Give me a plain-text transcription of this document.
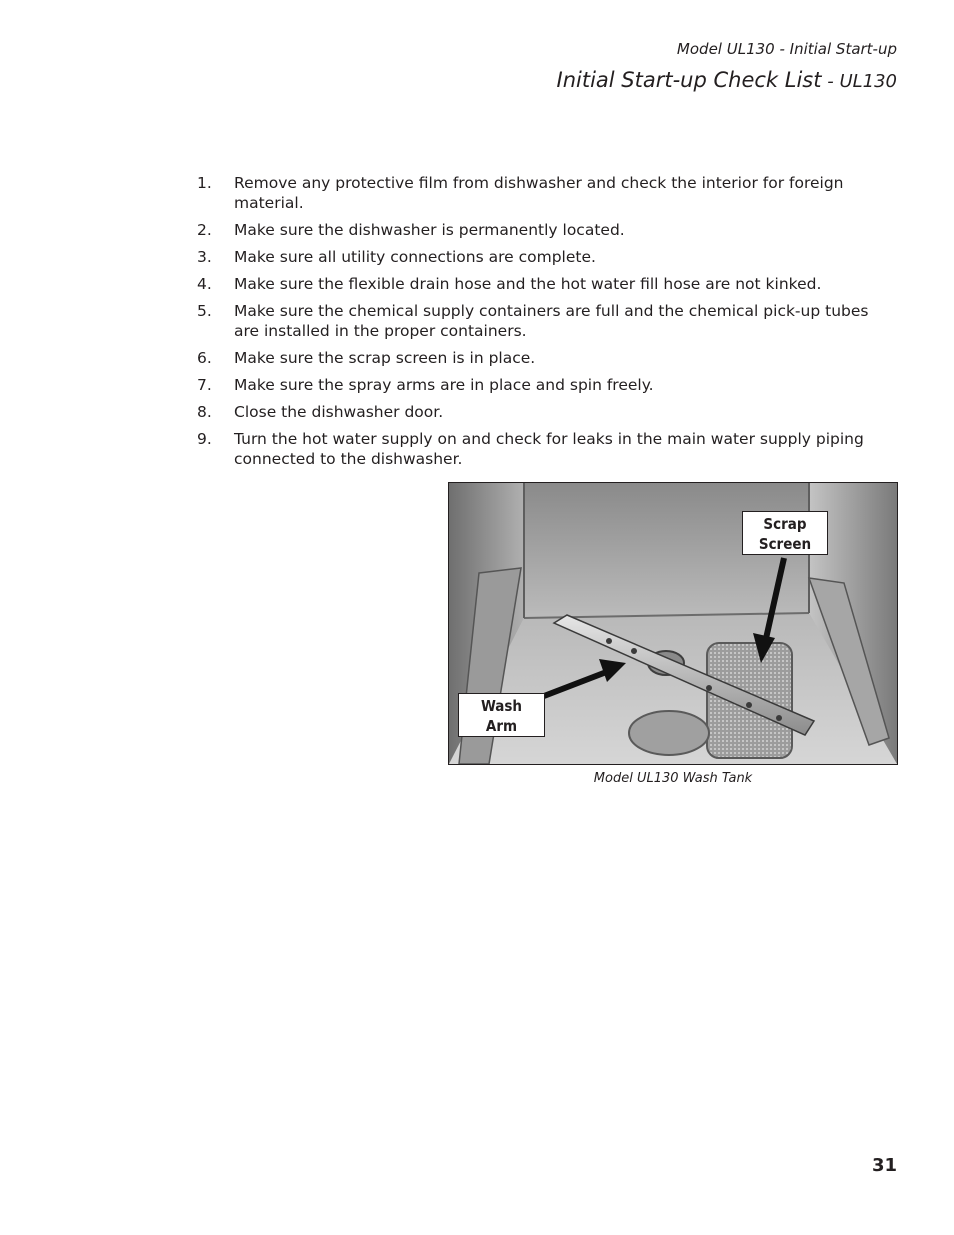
Model UL130 - Initial Start-up
Initial Start-up Check List - UL130
1. Remove any protective film from dishwasher and check the interior for foreign material.
2. Make sure the dishwasher is permanently located.
3. Make sure all utility connections are complete.
4. Make sure the flexible drain hose and the hot water fill hose are not kinked.
5. Make sure the chemical supply containers are full and the chemical pick-up tubes are installed in the proper containers.
6. Make sure the scrap screen is in place.
7. Make sure the spray arms are in place and spin freely.
8. Close the dishwasher door.
9. Turn the hot water supply on and check for leaks in the main water supply piping connected to the dishwasher.
Scrap
Screen
Wash
Arm
Model UL130 Wash Tank
31
